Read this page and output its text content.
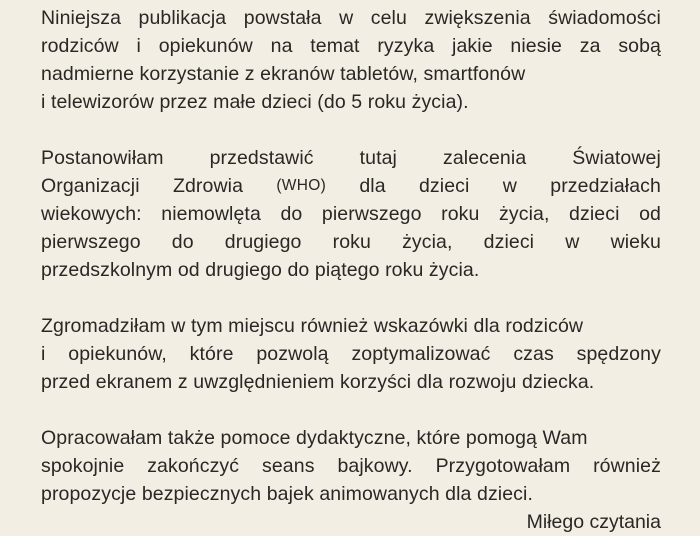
Niniejsza publikacja powstała w celu zwiększenia świadomości
rodziców i opiekunów na temat ryzyka jakie niesie za sobą
nadmierne korzystanie z ekranów tabletów, smartfonów
i telewizorów przez małe dzieci (do 5 roku życia).

Postanowiłam przedstawić tutaj zalecenia Światowej
Organizacji Zdrowia (WHO) dla dzieci w przedziałach
wiekowych: niemowlęta do pierwszego roku życia, dzieci od
pierwszego do drugiego roku życia, dzieci w wieku
przedszkolnym od drugiego do piątego roku życia.

Zgromadziłam w tym miejscu również wskazówki dla rodziców
i opiekunów, które pozwolą zoptymalizować czas spędzony
przed ekranem z uwzględnieniem korzyści dla rozwoju dziecka.

Opracowałam także pomoce dydaktyczne, które pomogą Wam
spokojnie zakończyć seans bajkowy. Przygotowałam również
propozycje bezpiecznych bajek animowanych dla dzieci.

Miłego czytania
